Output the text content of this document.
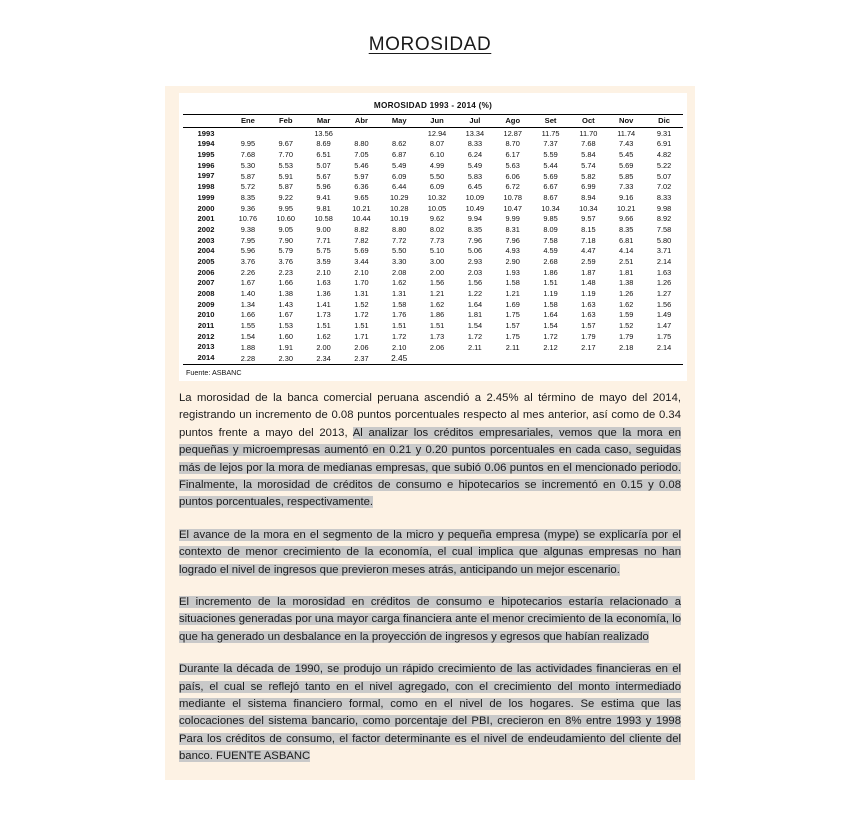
MOROSIDAD
MOROSIDAD 1993 - 2014 (%)

	Ene	Feb	Mar	Abr	May	Jun	Jul	Ago	Set	Oct	Nov	Dic
1993			13.56			12.94	13.34	12.87	11.75	11.70	11.74	9.31
1994	9.95	9.67	8.69	8.80	8.62	8.07	8.33	8.70	7.37	7.68	7.43	6.91
1995	7.68	7.70	6.51	7.05	6.87	6.10	6.24	6.17	5.59	5.84	5.45	4.82
1996	5.30	5.53	5.07	5.46	5.49	4.99	5.49	5.63	5.44	5.74	5.69	5.22
1997	5.87	5.91	5.67	5.97	6.09	5.50	5.83	6.06	5.69	5.82	5.85	5.07
1998	5.72	5.87	5.96	6.36	6.44	6.09	6.45	6.72	6.67	6.99	7.33	7.02
1999	8.35	9.22	9.41	9.65	10.29	10.32	10.09	10.78	8.67	8.94	9.16	8.33
2000	9.36	9.95	9.81	10.21	10.28	10.05	10.49	10.47	10.34	10.34	10.21	9.98
2001	10.76	10.60	10.58	10.44	10.19	9.62	9.94	9.99	9.85	9.57	9.66	8.92
2002	9.38	9.05	9.00	8.82	8.80	8.02	8.35	8.31	8.09	8.15	8.35	7.58
2003	7.95	7.90	7.71	7.82	7.72	7.73	7.96	7.96	7.58	7.18	6.81	5.80
2004	5.96	5.79	5.75	5.69	5.50	5.10	5.06	4.93	4.59	4.47	4.14	3.71
2005	3.76	3.76	3.59	3.44	3.30	3.00	2.93	2.90	2.68	2.59	2.51	2.14
2006	2.26	2.23	2.10	2.10	2.08	2.00	2.03	1.93	1.86	1.87	1.81	1.63
2007	1.67	1.66	1.63	1.70	1.62	1.56	1.56	1.58	1.51	1.48	1.38	1.26
2008	1.40	1.38	1.36	1.31	1.31	1.21	1.22	1.21	1.19	1.19	1.26	1.27
2009	1.34	1.43	1.41	1.52	1.58	1.62	1.64	1.69	1.58	1.63	1.62	1.56
2010	1.66	1.67	1.73	1.72	1.76	1.86	1.81	1.75	1.64	1.63	1.59	1.49
2011	1.55	1.53	1.51	1.51	1.51	1.51	1.54	1.57	1.54	1.57	1.52	1.47
2012	1.54	1.60	1.62	1.71	1.72	1.73	1.72	1.75	1.72	1.79	1.79	1.75
2013	1.88	1.91	2.00	2.06	2.10	2.06	2.11	2.11	2.12	2.17	2.18	2.14
2014	2.28	2.30	2.34	2.37	2.45							
Fuente: ASBANC

La morosidad de la banca comercial peruana ascendió a 2.45% al término de mayo del 2014, registrando un incremento de 0.08 puntos porcentuales respecto al mes anterior, así como de 0.34 puntos frente a mayo del 2013, Al analizar los créditos empresariales, vemos que la mora en pequeñas y microempresas aumentó en 0.21 y 0.20 puntos porcentuales en cada caso, seguidas más de lejos por la mora de medianas empresas, que subió 0.06 puntos en el mencionado periodo. Finalmente, la morosidad de créditos de consumo e hipotecarios se incrementó en 0.15 y 0.08 puntos porcentuales, respectivamente.

El avance de la mora en el segmento de la micro y pequeña empresa (mype) se explicaría por el contexto de menor crecimiento de la economía, el cual implica que algunas empresas no han logrado el nivel de ingresos que previeron meses atrás, anticipando un mejor escenario.

El incremento de la morosidad en créditos de consumo e hipotecarios estaría relacionado a situaciones generadas por una mayor carga financiera ante el menor crecimiento de la economía, lo que ha generado un desbalance en la proyección de ingresos y egresos que habían realizado

Durante la década de 1990, se produjo un rápido crecimiento de las actividades financieras en el país, el cual se reflejó tanto en el nivel agregado, con el crecimiento del monto intermediado mediante el sistema financiero formal, como en el nivel de los hogares. Se estima que las colocaciones del sistema bancario, como porcentaje del PBI, crecieron en 8% entre 1993 y 1998 Para los créditos de consumo, el factor determinante es el nivel de endeudamiento del cliente del banco. FUENTE ASBANC
